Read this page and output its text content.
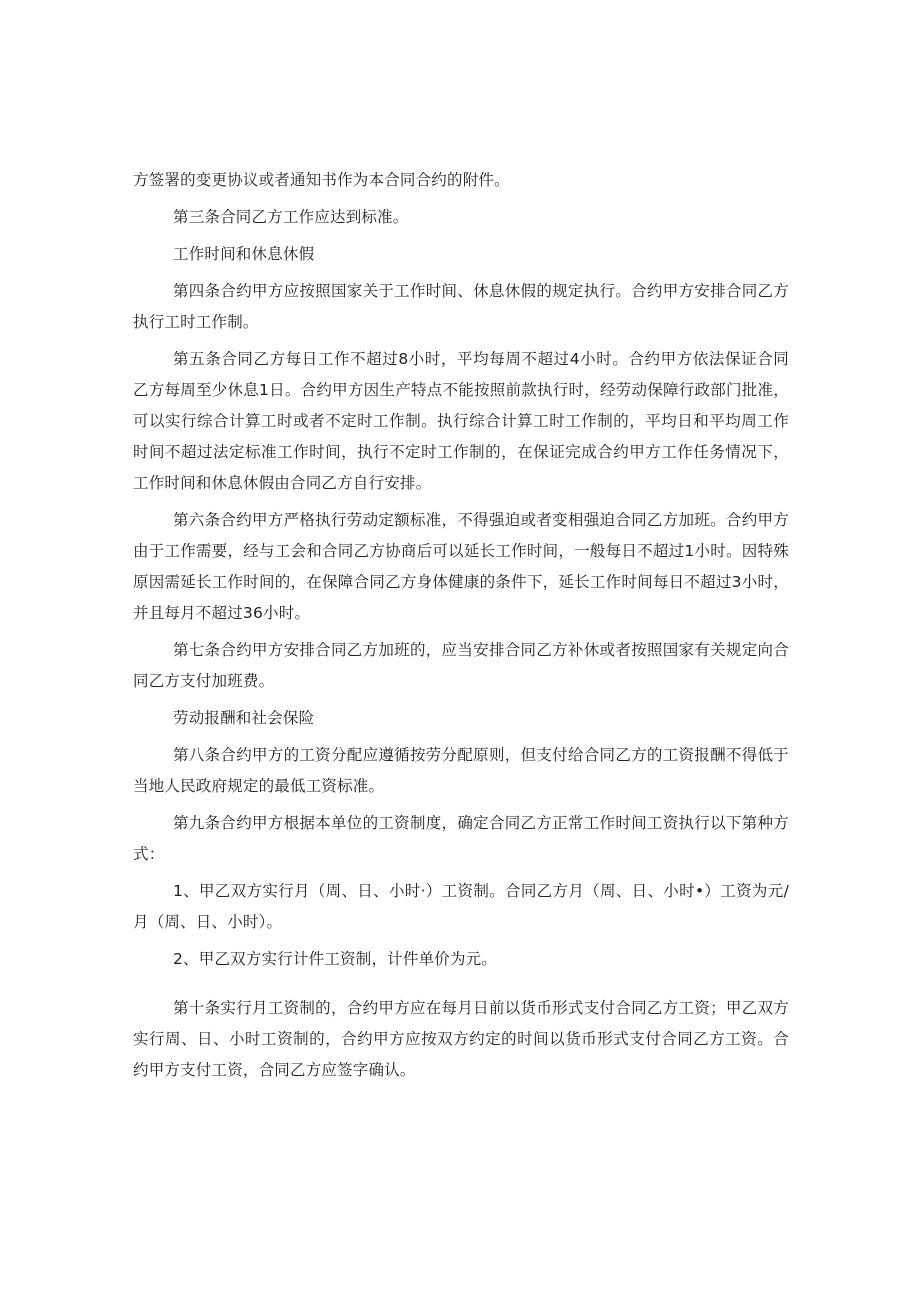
方签署的变更协议或者通知书作为本合同合约的附件。

第三条合同乙方工作应达到标准。

工作时间和休息休假

第四条合约甲方应按照国家关于工作时间、休息休假的规定执行。合约甲方安排合同乙方执行工时工作制。

第五条合同乙方每日工作不超过8小时，平均每周不超过4小时。合约甲方依法保证合同乙方每周至少休息1日。合约甲方因生产特点不能按照前款执行时，经劳动保障行政部门批准，可以实行综合计算工时或者不定时工作制。执行综合计算工时工作制的，平均日和平均周工作时间不超过法定标准工作时间，执行不定时工作制的，在保证完成合约甲方工作任务情况下，工作时间和休息休假由合同乙方自行安排。

第六条合约甲方严格执行劳动定额标准，不得强迫或者变相强迫合同乙方加班。合约甲方由于工作需要，经与工会和合同乙方协商后可以延长工作时间，一般每日不超过1小时。因特殊原因需延长工作时间的，在保障合同乙方身体健康的条件下，延长工作时间每日不超过3小时，并且每月不超过36小时。

第七条合约甲方安排合同乙方加班的，应当安排合同乙方补休或者按照国家有关规定向合同乙方支付加班费。

劳动报酬和社会保险

第八条合约甲方的工资分配应遵循按劳分配原则，但支付给合同乙方的工资报酬不得低于当地人民政府规定的最低工资标准。

第九条合约甲方根据本单位的工资制度，确定合同乙方正常工作时间工资执行以下第种方式：

1、甲乙双方实行月（周、日、小时·）工资制。合同乙方月（周、日、小时•）工资为元/月（周、日、小时）。

2、甲乙双方实行计件工资制，计件单价为元。

第十条实行月工资制的，合约甲方应在每月日前以货币形式支付合同乙方工资；甲乙双方实行周、日、小时工资制的，合约甲方应按双方约定的时间以货币形式支付合同乙方工资。合约甲方支付工资，合同乙方应签字确认。
